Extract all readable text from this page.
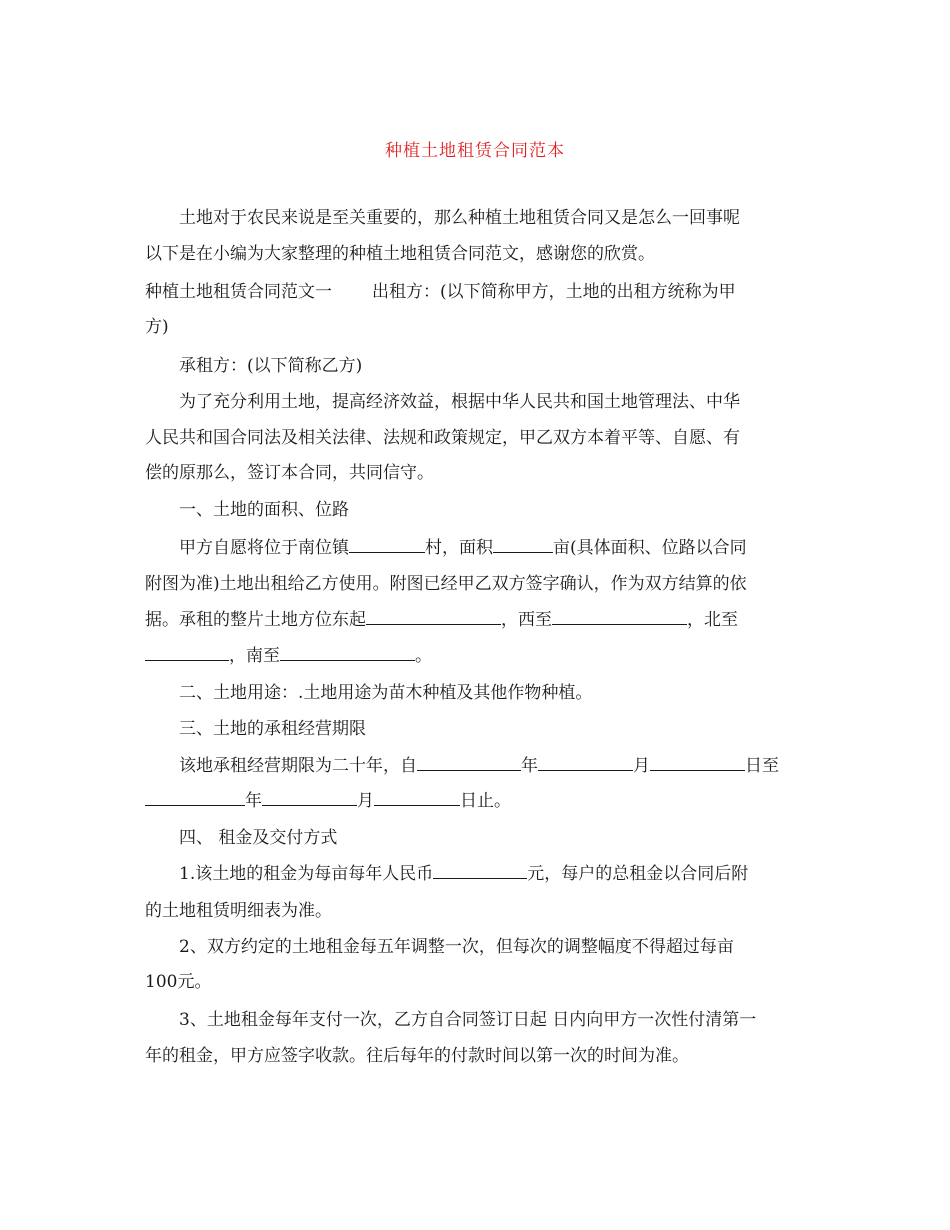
种植土地租赁合同范本
土地对于农民来说是至关重要的，那么种植土地租赁合同又是怎么一回事呢
以下是在小编为大家整理的种植土地租赁合同范文，感谢您的欣赏。
种植土地租赁合同范文一 出租方：(以下简称甲方，土地的出租方统称为甲
方)
承租方：(以下简称乙方)
为了充分利用土地，提高经济效益，根据中华人民共和国土地管理法、中华
人民共和国合同法及相关法律、法规和政策规定，甲乙双方本着平等、自愿、有
偿的原那么，签订本合同，共同信守。
一、土地的面积、位路
甲方自愿将位于南位镇	村，面积	亩(具体面积、位路以合同
附图为准)土地出租给乙方使用。附图已经甲乙双方签字确认，作为双方结算的依
据。承租的整片土地方位东起	，西至	，北至
，南至	。
二、土地用途：.土地用途为苗木种植及其他作物种植。
三、土地的承租经营期限
该地承租经营期限为二十年，自	年	月	日至
年	月	日止。
四、 租金及交付方式
1.该土地的租金为每亩每年人民币	元，每户的总租金以合同后附
的土地租赁明细表为准。
2、双方约定的土地租金每五年调整一次，但每次的调整幅度不得超过每亩
100元。
3、土地租金每年支付一次，乙方自合同签订日起 日内向甲方一次性付清第一
年的租金，甲方应签字收款。往后每年的付款时间以第一次的时间为准。
